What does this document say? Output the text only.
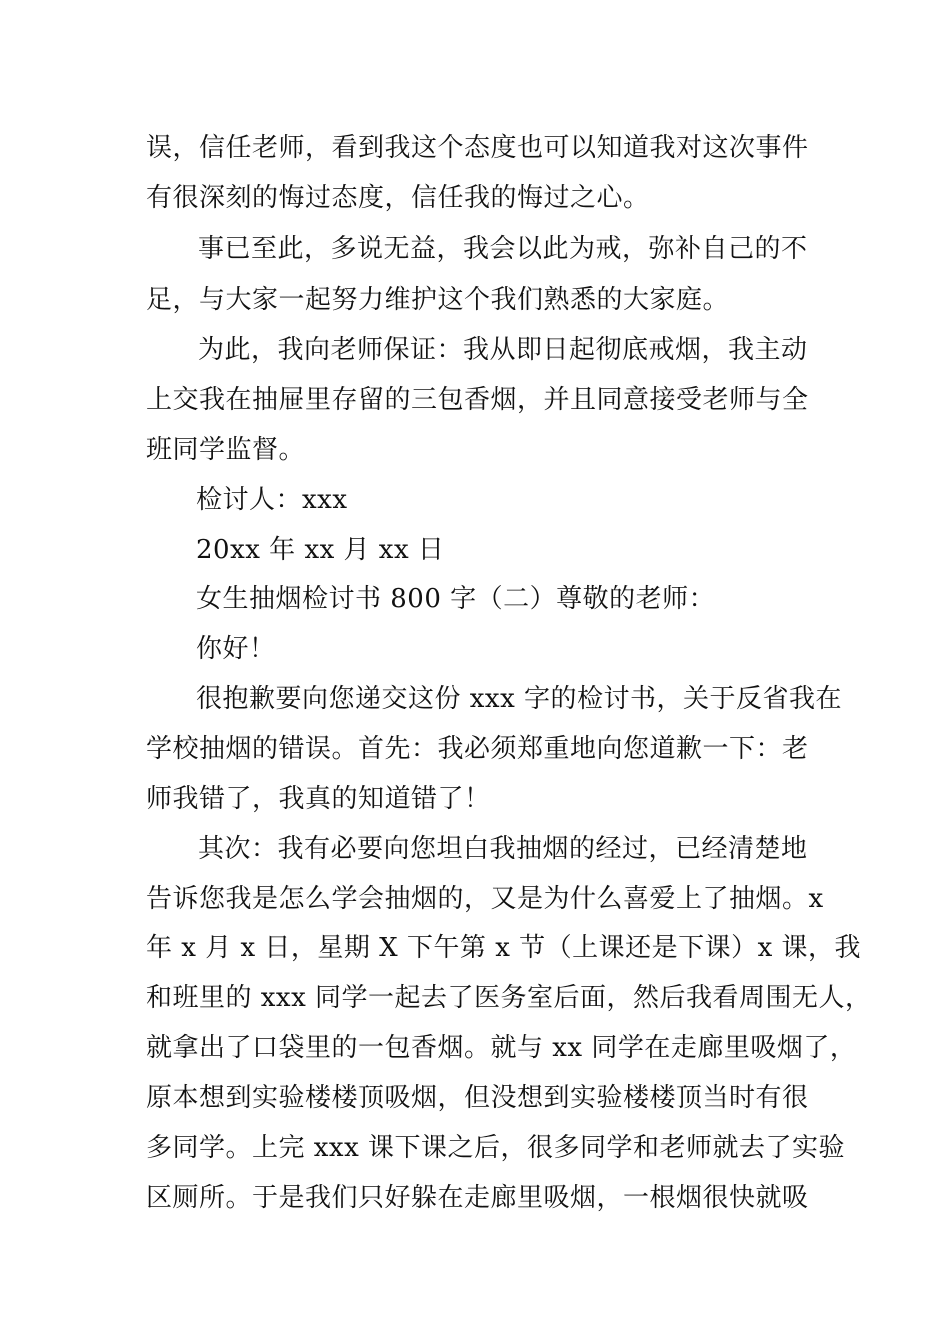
误，信任老师，看到我这个态度也可以知道我对这次事件
有很深刻的悔过态度，信任我的悔过之心。
事已至此，多说无益，我会以此为戒，弥补自己的不
足，与大家一起努力维护这个我们熟悉的大家庭。
为此，我向老师保证：我从即日起彻底戒烟，我主动
上交我在抽屉里存留的三包香烟，并且同意接受老师与全
班同学监督。
检讨人：xxx
20xx 年 xx 月 xx 日
女生抽烟检讨书 800 字（二）尊敬的老师：
你好！
很抱歉要向您递交这份 xxx 字的检讨书，关于反省我在
学校抽烟的错误。首先：我必须郑重地向您道歉一下：老
师我错了，我真的知道错了！
其次：我有必要向您坦白我抽烟的经过，已经清楚地
告诉您我是怎么学会抽烟的，又是为什么喜爱上了抽烟。x
年 x 月 x 日，星期 X 下午第 x 节（上课还是下课）x 课，我
和班里的 xxx 同学一起去了医务室后面，然后我看周围无人，
就拿出了口袋里的一包香烟。就与 xx 同学在走廊里吸烟了，
原本想到实验楼楼顶吸烟，但没想到实验楼楼顶当时有很
多同学。上完 xxx 课下课之后，很多同学和老师就去了实验
区厕所。于是我们只好躲在走廊里吸烟，一根烟很快就吸
